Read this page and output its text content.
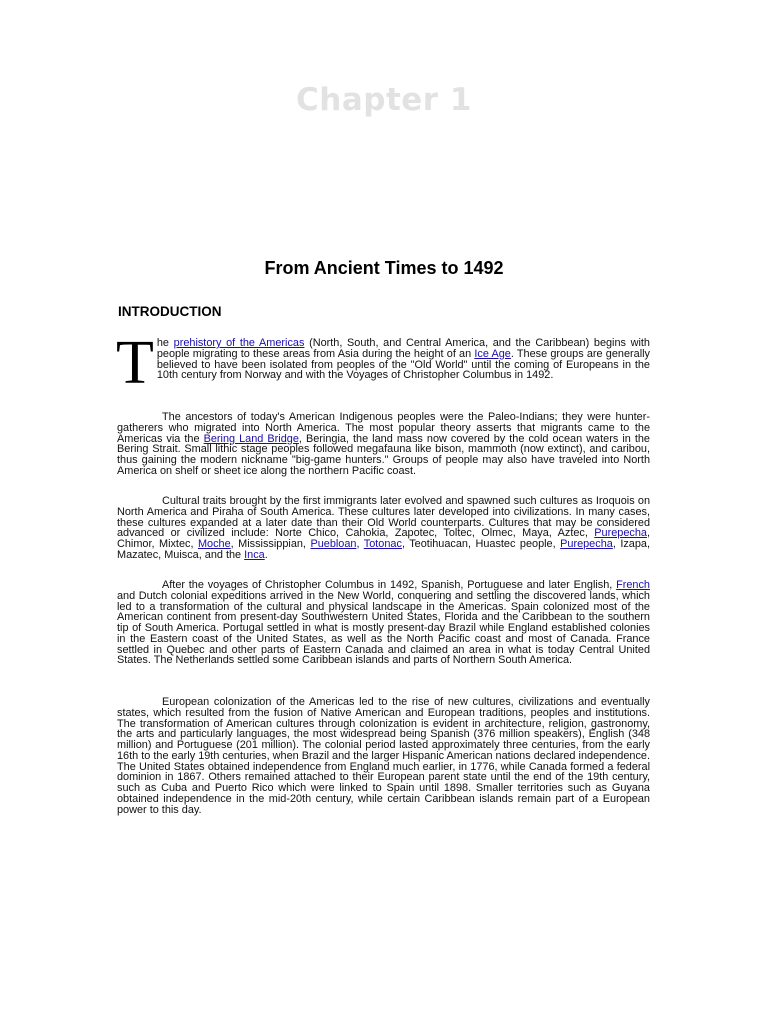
Chapter 1
From Ancient Times to 1492
INTRODUCTION
T he prehistory of the Americas (North, South, and Central America, and the Caribbean) begins with people migrating to these areas from Asia during the height of an Ice Age. These groups are generally believed to have been isolated from peoples of the "Old World" until the coming of Europeans in the 10th century from Norway and with the Voyages of Christopher Columbus in 1492.

The ancestors of today's American Indigenous peoples were the Paleo-Indians; they were hunter-gatherers who migrated into North America. The most popular theory asserts that migrants came to the Americas via the Bering Land Bridge, Beringia, the land mass now covered by the cold ocean waters in the Bering Strait. Small lithic stage peoples followed megafauna like bison, mammoth (now extinct), and caribou, thus gaining the modern nickname "big-game hunters." Groups of people may also have traveled into North America on shelf or sheet ice along the northern Pacific coast.

Cultural traits brought by the first immigrants later evolved and spawned such cultures as Iroquois on North America and Piraha of South America. These cultures later developed into civilizations. In many cases, these cultures expanded at a later date than their Old World counterparts. Cultures that may be considered advanced or civilized include: Norte Chico, Cahokia, Zapotec, Toltec, Olmec, Maya, Aztec, Purepecha, Chimor, Mixtec, Moche, Mississippian, Puebloan, Totonac, Teotihuacan, Huastec people, Purepecha, Izapa, Mazatec, Muisca, and the Inca.

After the voyages of Christopher Columbus in 1492, Spanish, Portuguese and later English, French and Dutch colonial expeditions arrived in the New World, conquering and settling the discovered lands, which led to a transformation of the cultural and physical landscape in the Americas. Spain colonized most of the American continent from present-day Southwestern United States, Florida and the Caribbean to the southern tip of South America. Portugal settled in what is mostly present-day Brazil while England established colonies in the Eastern coast of the United States, as well as the North Pacific coast and most of Canada. France settled in Quebec and other parts of Eastern Canada and claimed an area in what is today Central United States. The Netherlands settled some Caribbean islands and parts of Northern South America.

European colonization of the Americas led to the rise of new cultures, civilizations and eventually states, which resulted from the fusion of Native American and European traditions, peoples and institutions. The transformation of American cultures through colonization is evident in architecture, religion, gastronomy, the arts and particularly languages, the most widespread being Spanish (376 million speakers), English (348 million) and Portuguese (201 million). The colonial period lasted approximately three centuries, from the early 16th to the early 19th centuries, when Brazil and the larger Hispanic American nations declared independence. The United States obtained independence from England much earlier, in 1776, while Canada formed a federal dominion in 1867. Others remained attached to their European parent state until the end of the 19th century, such as Cuba and Puerto Rico which were linked to Spain until 1898. Smaller territories such as Guyana obtained independence in the mid-20th century, while certain Caribbean islands remain part of a European power to this day.
